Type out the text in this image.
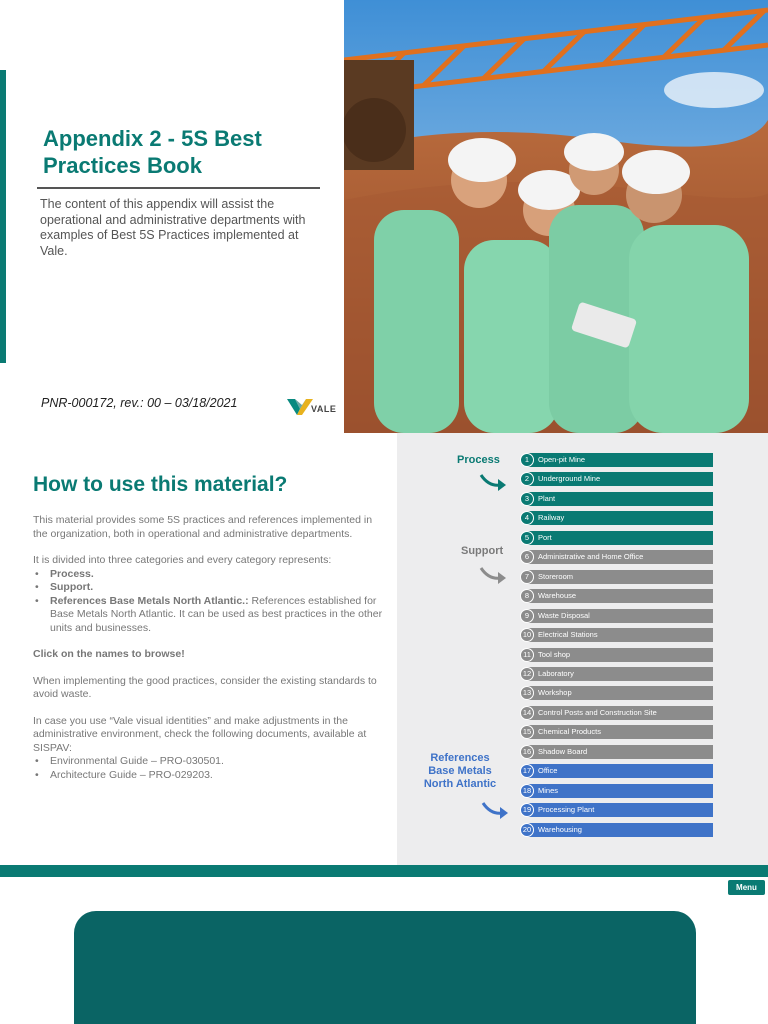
Appendix 2 - 5S Best Practices Book

The content of this appendix will assist the operational and administrative departments with examples of Best 5S Practices implemented at Vale.

PNR-000172, rev.: 00 – 03/18/2021	VALE
How to use this material?

This material provides some 5S practices and references implemented in the organization, both in operational and administrative departments.

It is divided into three categories and every category represents:
• Process.
• Support.
• References Base Metals North Atlantic.: References established for Base Metals North Atlantic. It can be used as best practices in the other units and businesses.

Click on the names to browse!

When implementing the good practices, consider the existing standards to avoid waste.

In case you use “Vale visual identities” and make adjustments in the administrative environment, check the following documents, available at SISPAV:
• Environmental Guide – PRO-030501.
• Architecture Guide – PRO-029203.
Process
Support
References Base Metals North Atlantic
1	Open-pit Mine
2	Underground Mine
3	Plant
4	Railway
5	Port
6	Administrative and Home Office
7	Storeroom
8	Warehouse
9	Waste Disposal
10 Electrical Stations
11 Tool shop
12 Laboratory
13 Workshop
14 Control Posts and Construction Site
15 Chemical Products
16 Shadow Board
17 Office
18 Mines
19 Processing Plant
20 Warehousing
Menu
